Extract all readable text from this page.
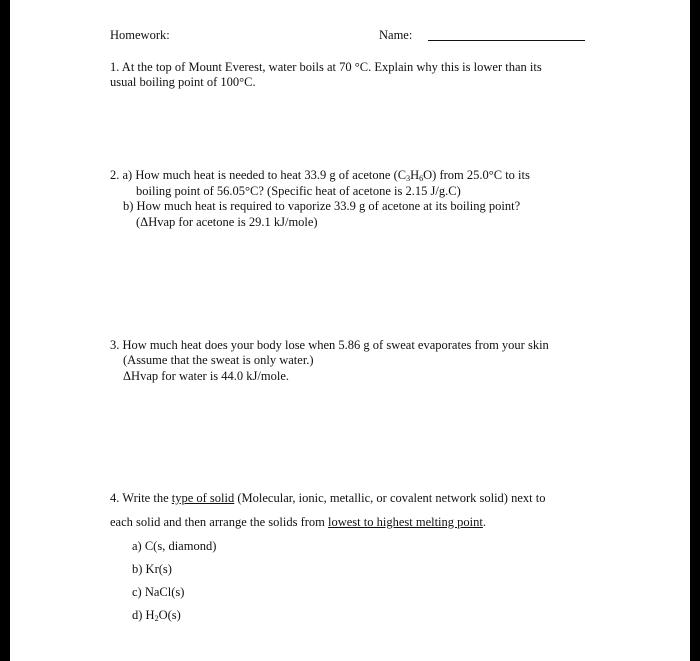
Homework:	Name:
1. At the top of Mount Everest, water boils at 70 °C. Explain why this is lower than its
usual boiling point of 100°C.
2. a) How much heat is needed to heat 33.9 g of acetone $(C_3H_6O)$ from 25.0°C to its
boiling point of 56.05°C? (Specific heat of acetone is 2.15 J/g.C)
b) How much heat is required to vaporize 33.9 g of acetone at its boiling point?
(ΔHvap for acetone is 29.1 kJ/mole)
3. How much heat does your body lose when 5.86 g of sweat evaporates from your skin
(Assume that the sweat is only water.)
ΔHvap for water is 44.0 kJ/mole.
4. Write the type of solid (Molecular, ionic, metallic, or covalent network solid) next to
each solid and then arrange the solids from lowest to highest melting point.
a) C(s, diamond)
b) Kr(s)
c) NaCl(s)
d) $H_2O(s)$
